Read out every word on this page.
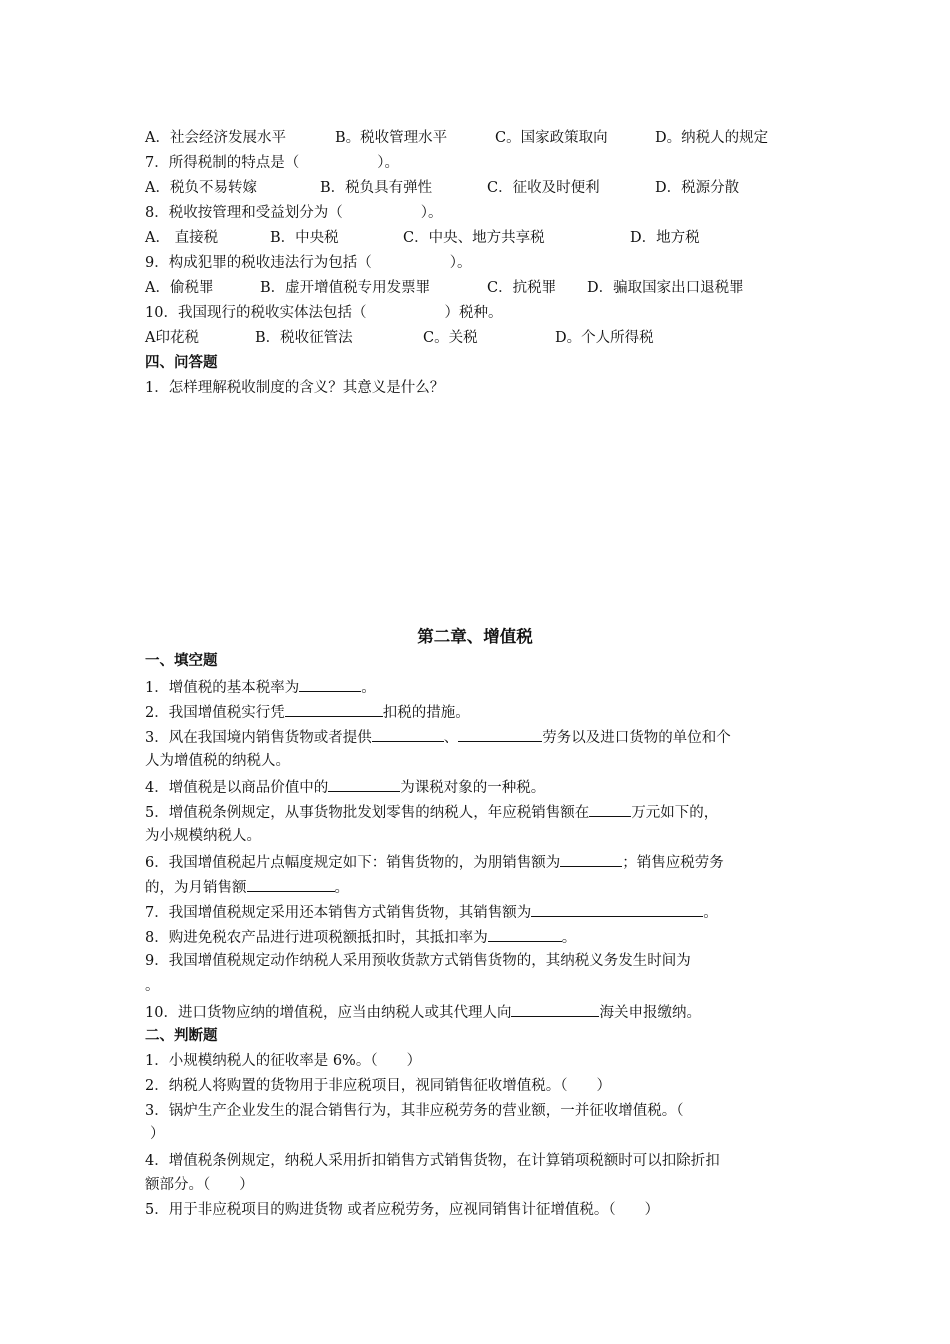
A．社会经济发展水平	B。税收管理水平	C。国家政策取向	D。纳税人的规定
7．所得税制的特点是（	）。
A．税负不易转嫁	B．税负具有弹性	C．征收及时便利	D．税源分散
8．税收按管理和受益划分为（	）。
A． 直接税	B．中央税	C．中央、地方共享税	D．地方税
9．构成犯罪的税收违法行为包括（	）。
A．偷税罪	B．虚开增值税专用发票罪	C．抗税罪 D．骗取国家出口退税罪
10．我国现行的税收实体法包括（	）税种。
A印花税	B．税收征管法	C。关税	D。个人所得税
四、问答题
1．怎样理解税收制度的含义？其意义是什么？
第二章、增值税
一、填空题
1．增值税的基本税率为	。
2．我国增值税实行凭	扣税的措施。
3．风在我国境内销售货物或者提供	、	劳务以及进口货物的单位和个
人为增值税的纳税人。
4．增值税是以商品价值中的	为课税对象的一种税。
5．增值税条例规定，从事货物批发划零售的纳税人，年应税销售额在	万元如下的，
为小规模纳税人。
6．我国增值税起片点幅度规定如下：销售货物的，为朋销售额为	；销售应税劳务
的，为月销售额	。
7．我国增值税规定采用还本销售方式销售货物，其销售额为	。
8．购进免税农产品进行进项税额抵扣时，其抵扣率为	。
9．我国增值税规定动作纳税人采用预收货款方式销售货物的，其纳税义务发生时间为
。
10．进口货物应纳的增值税，应当由纳税人或其代理人向	海关申报缴纳。
二、判断题
1．小规模纳税人的征收率是 6%。（　　）
2．纳税人将购置的货物用于非应税项目，视同销售征收增值税。（　　）
3．锅炉生产企业发生的混合销售行为，其非应税劳务的营业额，一并征收增值税。（
）
4．增值税条例规定，纳税人采用折扣销售方式销售货物，在计算销项税额时可以扣除折扣
额部分。（　　）
5．用于非应税项目的购进货物 或者应税劳务，应视同销售计征增值税。（　　）
